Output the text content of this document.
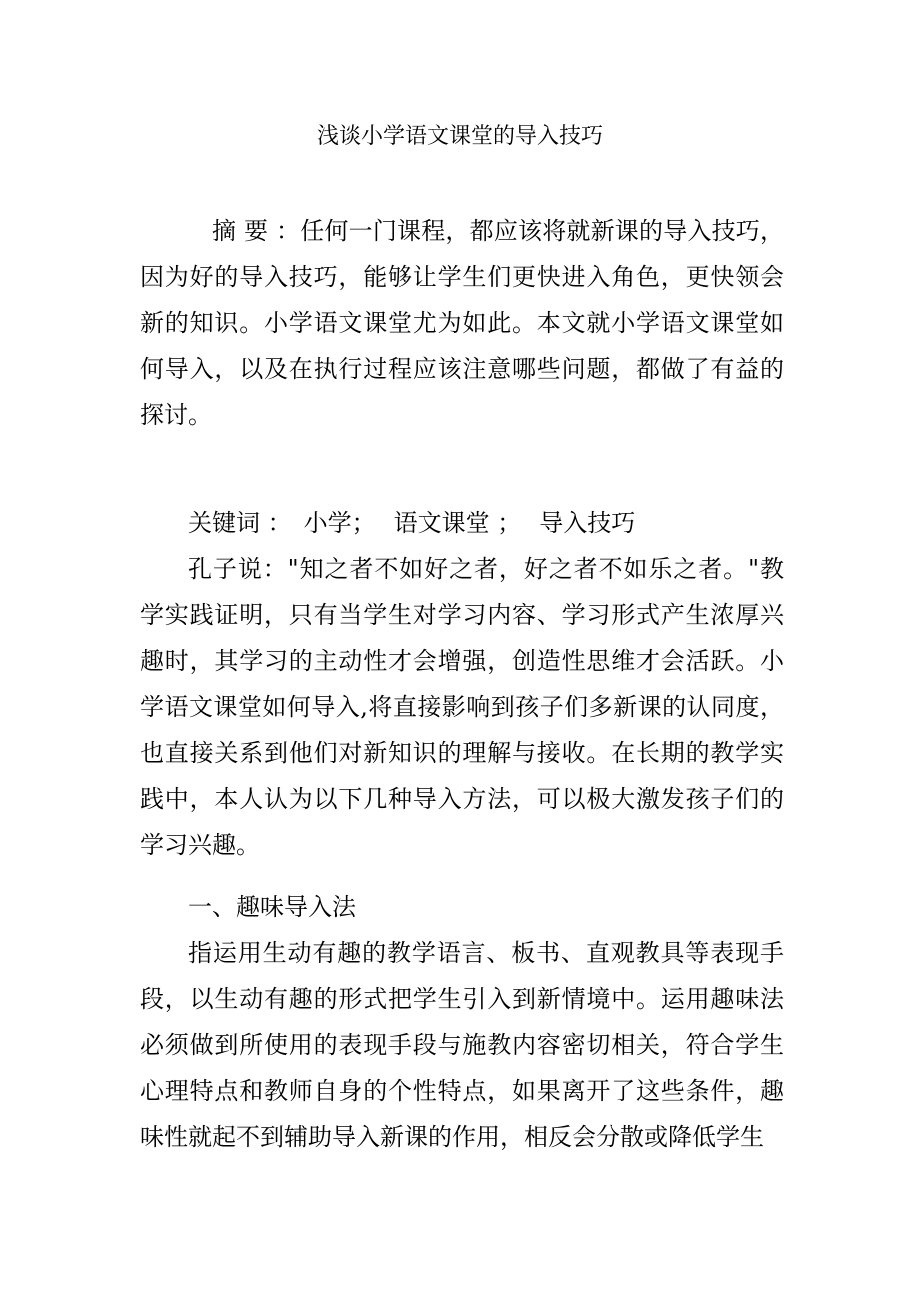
浅谈小学语文课堂的导入技巧

摘 要 ：任何一门课程，都应该将就新课的导入技巧，因为好的导入技巧，能够让学生们更快进入角色，更快领会新的知识。小学语文课堂尤为如此。本文就小学语文课堂如何导入，以及在执行过程应该注意哪些问题，都做了有益的探讨。

关键词 ： 小学； 语文课堂 ； 导入技巧

孔子说："知之者不如好之者，好之者不如乐之者。"教学实践证明，只有当学生对学习内容、学习形式产生浓厚兴趣时，其学习的主动性才会增强，创造性思维才会活跃。小学语文课堂如何导入,将直接影响到孩子们多新课的认同度，也直接关系到他们对新知识的理解与接收。在长期的教学实践中，本人认为以下几种导入方法，可以极大激发孩子们的学习兴趣。

一、趣味导入法

指运用生动有趣的教学语言、板书、直观教具等表现手段，以生动有趣的形式把学生引入到新情境中。运用趣味法必须做到所使用的表现手段与施教内容密切相关，符合学生心理特点和教师自身的个性特点，如果离开了这些条件，趣味性就起不到辅助导入新课的作用，相反会分散或降低学生
